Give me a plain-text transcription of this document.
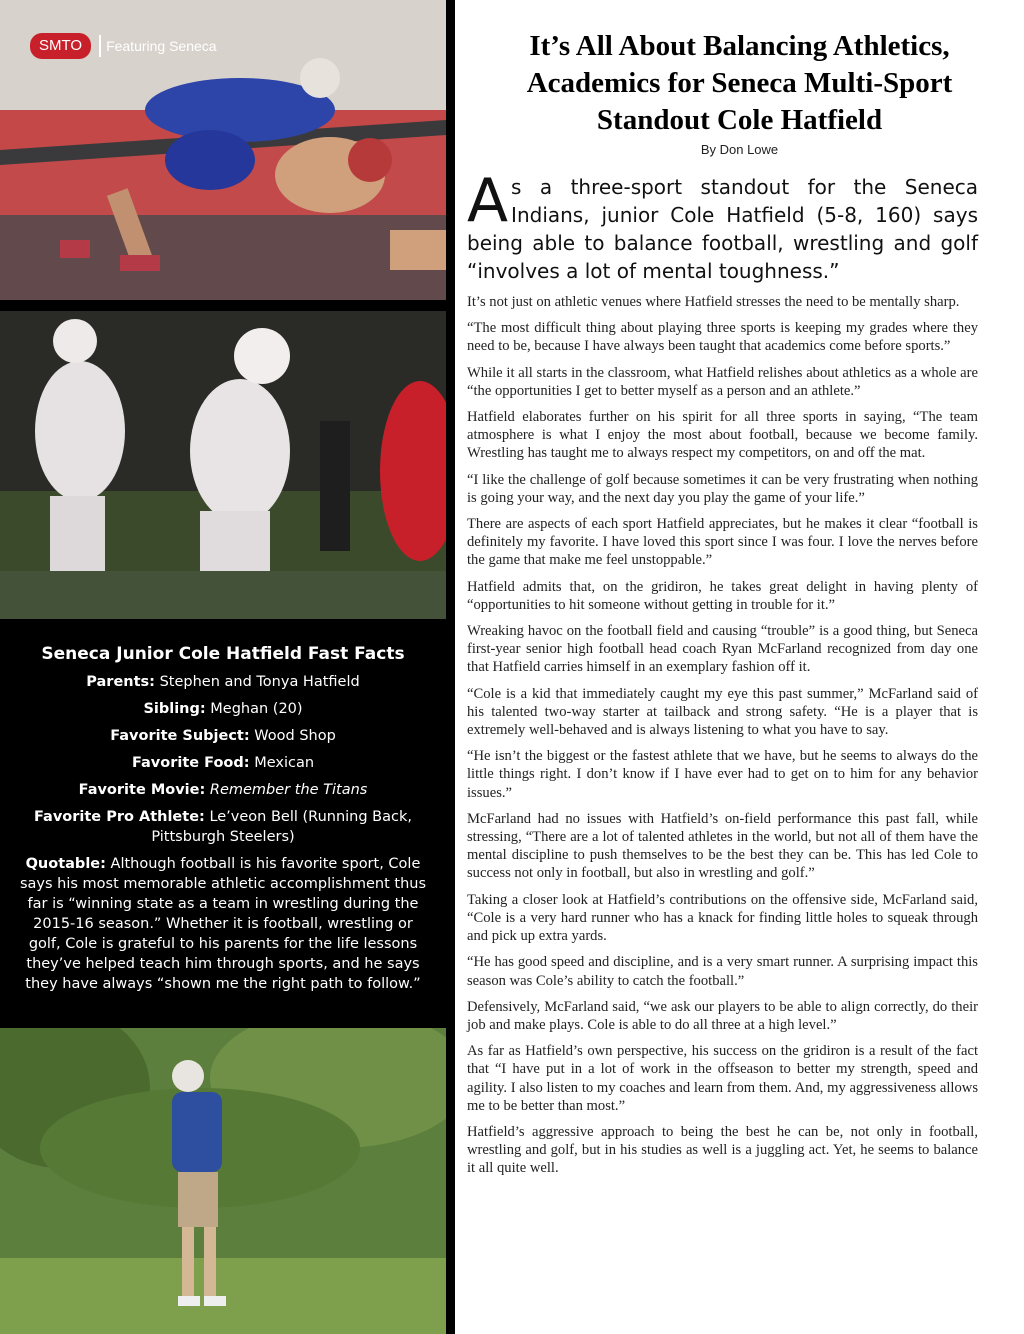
SMTO	Featuring Seneca
Seneca Junior Cole Hatfield Fast Facts
Parents: Stephen and Tonya Hatfield
Sibling: Meghan (20)
Favorite Subject: Wood Shop
Favorite Food: Mexican
Favorite Movie: Remember the Titans
Favorite Pro Athlete: Le’veon Bell (Running Back, Pittsburgh Steelers)
Quotable: Although football is his favorite sport, Cole says his most memorable athletic accomplishment thus far is “winning state as a team in wrestling during the 2015-16 season.” Whether it is football, wrestling or golf, Cole is grateful to his parents for the life lessons they’ve helped teach him through sports, and he says they have always “shown me the right path to follow.”
It’s All About Balancing Athletics, Academics for Seneca Multi-Sport Standout Cole Hatfield
By Don Lowe
As a three-sport standout for the Seneca Indians, junior Cole Hatfield (5-8, 160) says being able to balance football, wrestling and golf “involves a lot of mental toughness.”

It’s not just on athletic venues where Hatfield stresses the need to be mentally sharp.

“The most difficult thing about playing three sports is keeping my grades where they need to be, because I have always been taught that academics come before sports.”

While it all starts in the classroom, what Hatfield relishes about athletics as a whole are “the opportunities I get to better myself as a person and an athlete.”

Hatfield elaborates further on his spirit for all three sports in saying, “The team atmosphere is what I enjoy the most about football, because we become family. Wrestling has taught me to always respect my competitors, on and off the mat.

“I like the challenge of golf because sometimes it can be very frustrating when nothing is going your way, and the next day you play the game of your life.”

There are aspects of each sport Hatfield appreciates, but he makes it clear “football is definitely my favorite. I have loved this sport since I was four. I love the nerves before the game that make me feel unstoppable.”

Hatfield admits that, on the gridiron, he takes great delight in having plenty of “opportunities to hit someone without getting in trouble for it.”

Wreaking havoc on the football field and causing “trouble” is a good thing, but Seneca first-year senior high football head coach Ryan McFarland recognized from day one that Hatfield carries himself in an exemplary fashion off it.

“Cole is a kid that immediately caught my eye this past summer,” McFarland said of his talented two-way starter at tailback and strong safety. “He is a player that is extremely well-behaved and is always listening to what you have to say.

“He isn’t the biggest or the fastest athlete that we have, but he seems to always do the little things right. I don’t know if I have ever had to get on to him for any behavior issues.”

McFarland had no issues with Hatfield’s on-field performance this past fall, while stressing, “There are a lot of talented athletes in the world, but not all of them have the mental discipline to push themselves to be the best they can be. This has led Cole to success not only in football, but also in wrestling and golf.”

Taking a closer look at Hatfield’s contributions on the offensive side, McFarland said, “Cole is a very hard runner who has a knack for finding little holes to squeak through and pick up extra yards.

“He has good speed and discipline, and is a very smart runner. A surprising impact this season was Cole’s ability to catch the football.”

Defensively, McFarland said, “we ask our players to be able to align correctly, do their job and make plays. Cole is able to do all three at a high level.”

As far as Hatfield’s own perspective, his success on the gridiron is a result of the fact that “I have put in a lot of work in the offseason to better my strength, speed and agility. I also listen to my coaches and learn from them. And, my aggressiveness allows me to be better than most.”

Hatfield’s aggressive approach to being the best he can be, not only in football, wrestling and golf, but in his studies as well is a juggling act. Yet, he seems to balance it all quite well.
